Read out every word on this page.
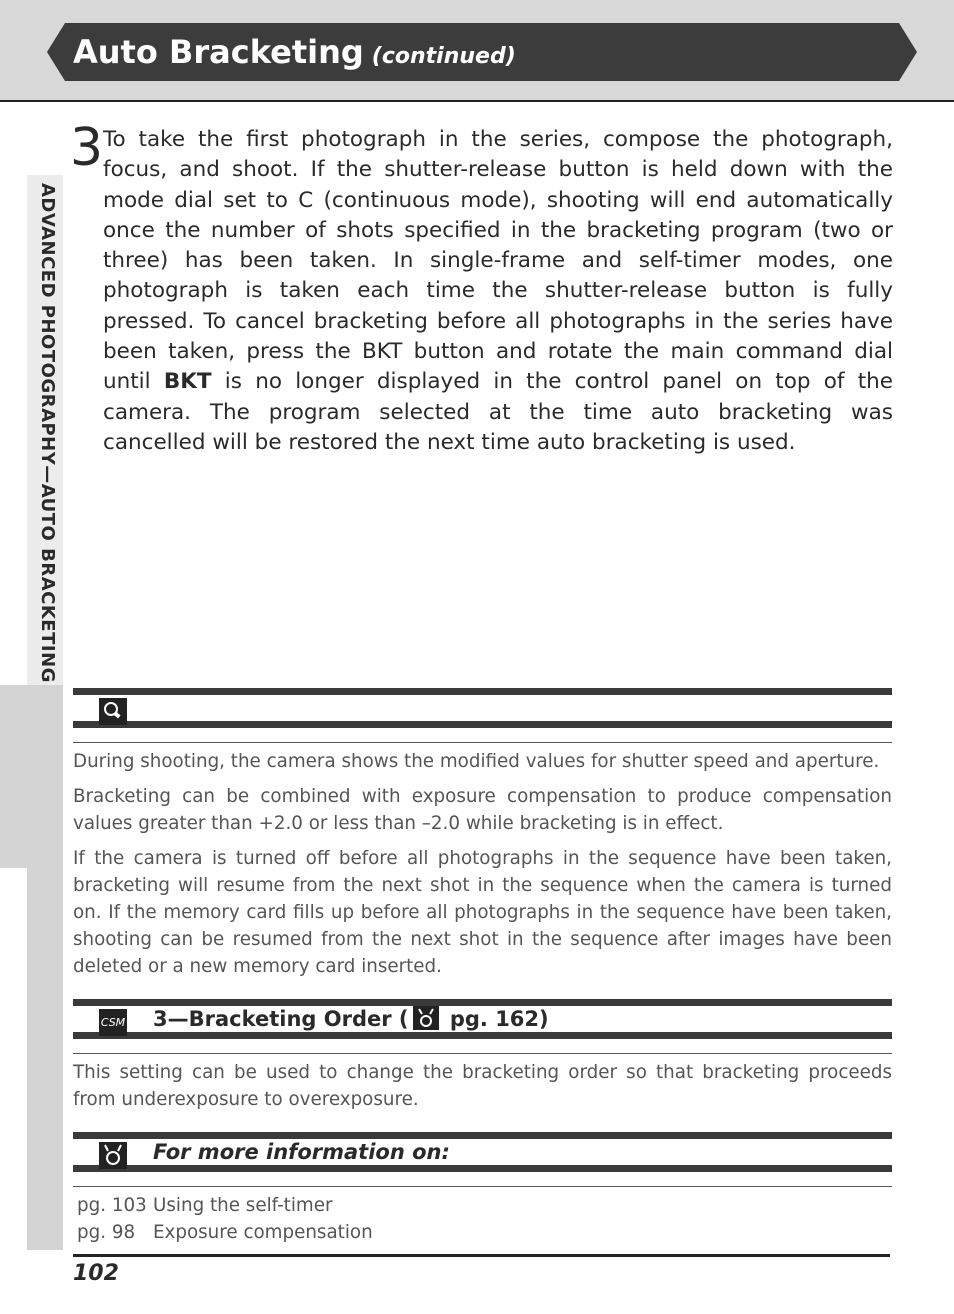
Auto Bracketing (continued)
ADVANCED PHOTOGRAPHY—AUTO BRACKETING
3 To take the first photograph in the series, compose the photograph, focus, and shoot. If the shutter-release button is held down with the mode dial set to C (continuous mode), shooting will end automatically once the number of shots specified in the bracketing program (two or three) has been taken. In single-frame and self-timer modes, one photograph is taken each time the shutter-release button is fully pressed. To cancel bracketing before all photographs in the series have been taken, press the BKT button and rotate the main command dial until BKT is no longer displayed in the control panel on top of the camera. The program selected at the time auto bracketing was cancelled will be restored the next time auto bracketing is used.
During shooting, the camera shows the modified values for shutter speed and aperture.
Bracketing can be combined with exposure compensation to produce compensation values greater than +2.0 or less than –2.0 while bracketing is in effect.
If the camera is turned off before all photographs in the sequence have been taken, bracketing will resume from the next shot in the sequence when the camera is turned on. If the memory card fills up before all photographs in the sequence have been taken, shooting can be resumed from the next shot in the sequence after images have been deleted or a new memory card inserted.
CSM 3—Bracketing Order ( pg. 162)
This setting can be used to change the bracketing order so that bracketing proceeds from underexposure to overexposure.
For more information on:
pg. 103 Using the self-timer
pg. 98 Exposure compensation
102
